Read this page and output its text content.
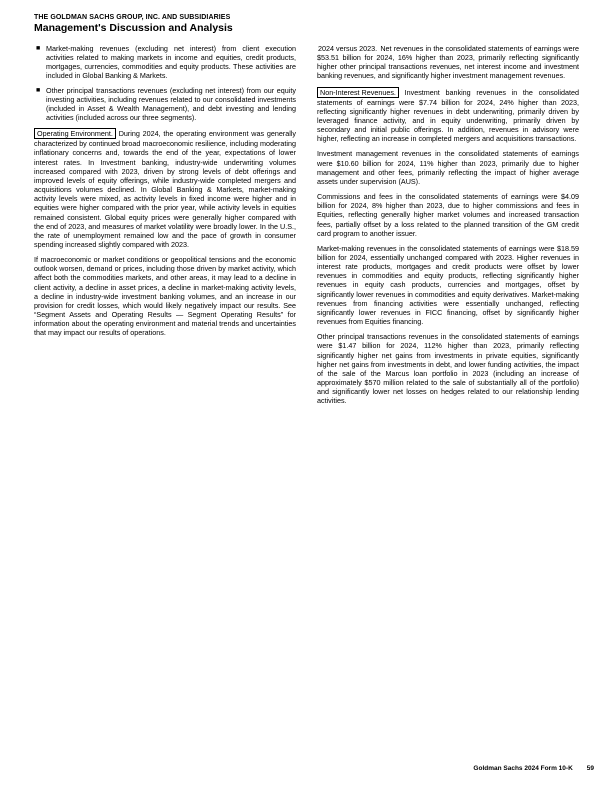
THE GOLDMAN SACHS GROUP, INC. AND SUBSIDIARIES
Management's Discussion and Analysis
■ Market-making revenues (excluding net interest) from client execution activities related to making markets in income and equities, credit products, mortgages, currencies, commodities and equity products. These activities are included in Global Banking & Markets.
■ Other principal transactions revenues (excluding net interest) from our equity investing activities, including revenues related to our consolidated investments (included in Asset & Wealth Management), and debt investing and lending activities (included across our three segments).

Operating Environment. During 2024, the operating environment was generally characterized by continued broad macroeconomic resilience, including moderating inflationary concerns and, towards the end of the year, expectations of lower interest rates. In Investment banking, industry-wide underwriting volumes increased compared with 2023, driven by strong levels of debt offerings and improved levels of equity offerings, while industry-wide completed mergers and acquisitions volumes declined. In Global Banking & Markets, market-making activity levels were mixed, as activity levels in fixed income were higher and in equities were higher compared with the prior year, while activity levels in equities remained consistent. Global equity prices were generally higher compared with the end of 2023, and measures of market volatility were broadly lower. In the U.S., the rate of unemployment remained low and the pace of growth in consumer spending increased slightly compared with 2023.

If macroeconomic or market conditions or geopolitical tensions and the economic outlook worsen, demand or prices, including those driven by market activity, which affect both the commodities markets, and other areas, it may lead to a decline in client activity, a decline in asset prices, a decline in market-making activity levels, a decline in industry-wide investment banking volumes, and an increase in our provision for credit losses, which would likely negatively impact our results. See “Segment Assets and Operating Results — Segment Operating Results” for information about the operating environment and material trends and uncertainties that may impact our results of operations.

2024 versus 2023. Net revenues in the consolidated statements of earnings were $53.51 billion for 2024, 16% higher than 2023, primarily reflecting significantly higher other principal transactions revenues, net interest income and investment banking revenues, and significantly higher investment management revenues.

Non-Interest Revenues. Investment banking revenues in the consolidated statements of earnings were $7.74 billion for 2024, 24% higher than 2023, reflecting significantly higher revenues in debt underwriting, primarily driven by leveraged finance activity, and in equity underwriting, primarily driven by secondary and initial public offerings. In addition, revenues in advisory were higher, reflecting an increase in completed mergers and acquisitions transactions.

Investment management revenues in the consolidated statements of earnings were $10.60 billion for 2024, 11% higher than 2023, primarily due to higher management and other fees, primarily reflecting the impact of higher average assets under supervision (AUS).

Commissions and fees in the consolidated statements of earnings were $4.09 billion for 2024, 8% higher than 2023, due to higher commissions and fees in Equities, reflecting generally higher market volumes and increased transaction fees, partially offset by a loss related to the planned transition of the GM credit card program to another issuer.

Market-making revenues in the consolidated statements of earnings were $18.59 billion for 2024, essentially unchanged compared with 2023. Higher revenues in interest rate products, mortgages and credit products were offset by lower revenues in commodities and equity products, reflecting significantly higher revenues in equity cash products, currencies and mortgages, offset by significantly lower revenues in commodities and equity derivatives. Market-making revenues from financing activities were essentially unchanged, reflecting significantly lower revenues in FICC financing, offset by significantly higher revenues from Equities financing.

Other principal transactions revenues in the consolidated statements of earnings were $1.47 billion for 2024, 112% higher than 2023, primarily reflecting significantly higher net gains from investments in private equities, significantly higher net gains from investments in debt, and lower funding activities, the impact of the sale of the Marcus loan portfolio in 2023 (including an increase of approximately $570 million related to the sale of substantially all of the portfolio) and significantly lower net losses on hedges related to our relationship lending activities.

Goldman Sachs 2024 Form 10-K 59
